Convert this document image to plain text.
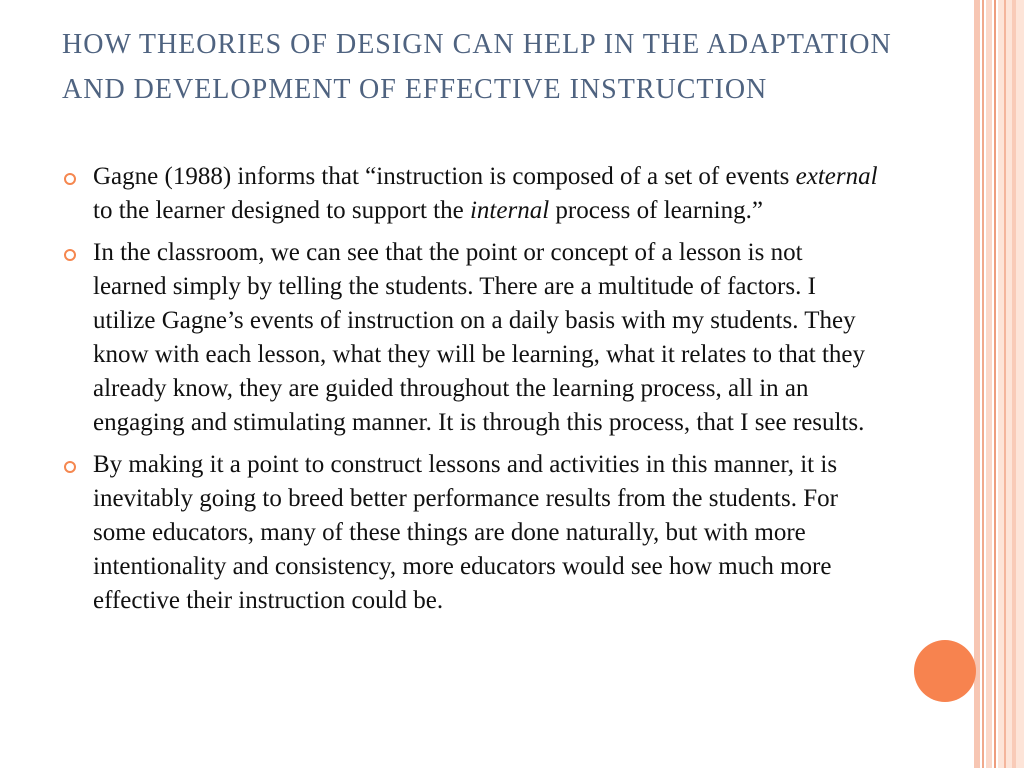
HOW THEORIES OF DESIGN CAN HELP IN THE ADAPTATION AND DEVELOPMENT OF EFFECTIVE INSTRUCTION
Gagne (1988) informs that “instruction is composed of a set of events external to the learner designed to support the internal process of learning.”
In the classroom, we can see that the point or concept of a lesson is not learned simply by telling the students. There are a multitude of factors. I utilize Gagne’s events of instruction on a daily basis with my students. They know with each lesson, what they will be learning, what it relates to that they already know, they are guided throughout the learning process, all in an engaging and stimulating manner. It is through this process, that I see results.
By making it a point to construct lessons and activities in this manner, it is inevitably going to breed better performance results from the students. For some educators, many of these things are done naturally, but with more intentionality and consistency, more educators would see how much more effective their instruction could be.
